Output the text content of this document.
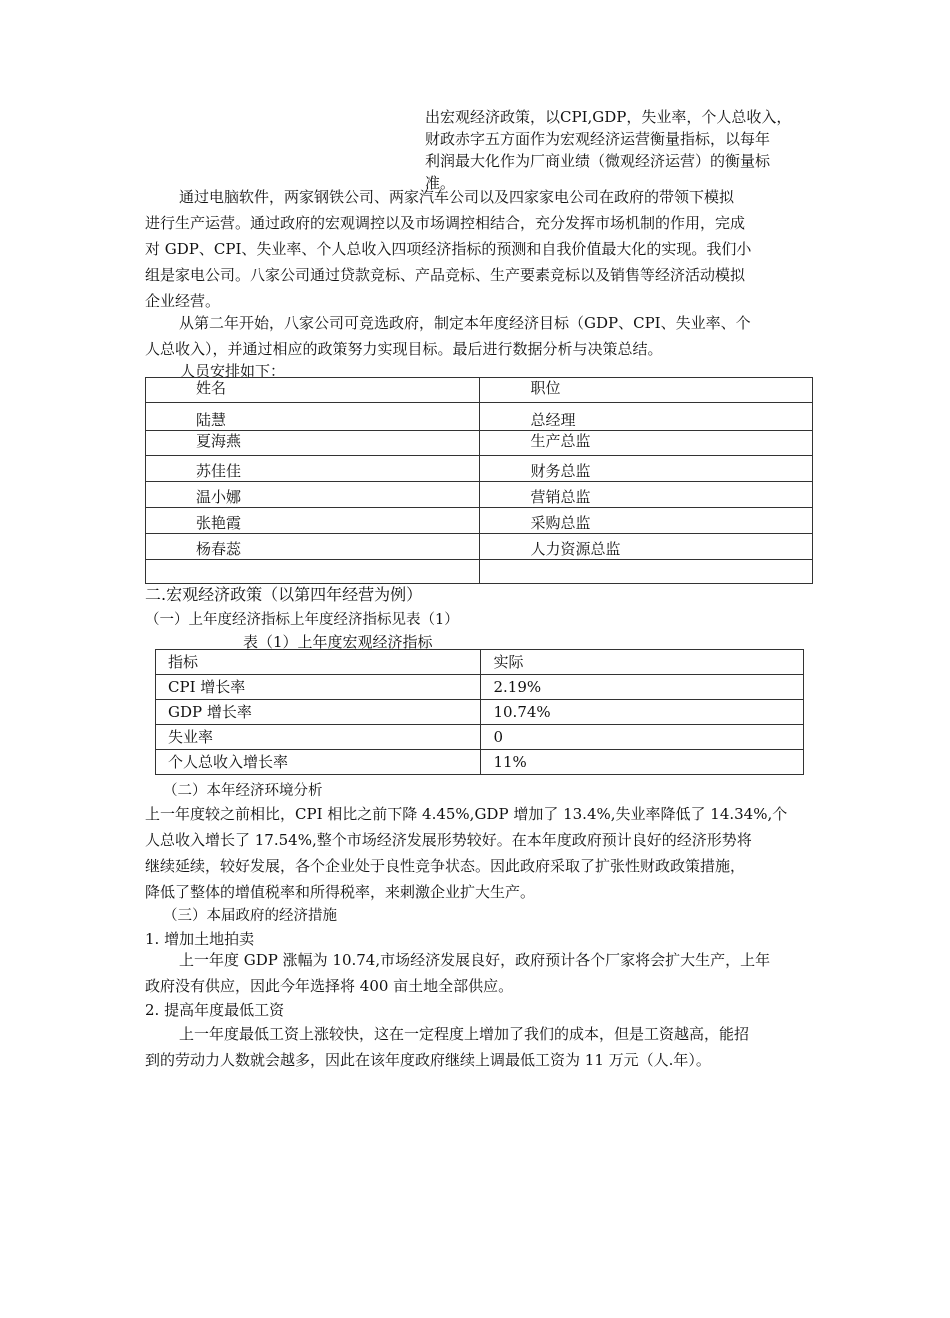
出宏观经济政策，以CPI,GDP，失业率，个人总收入，
财政赤字五方面作为宏观经济运营衡量指标，以每年
利润最大化作为厂商业绩（微观经济运营）的衡量标
准。
通过电脑软件，两家钢铁公司、两家汽车公司以及四家家电公司在政府的带领下模拟
进行生产运营。通过政府的宏观调控以及市场调控相结合，充分发挥市场机制的作用，完成
对 GDP、CPI、失业率、个人总收入四项经济指标的预测和自我价值最大化的实现。我们小
组是家电公司。八家公司通过贷款竞标、产品竞标、生产要素竞标以及销售等经济活动模拟
企业经营。
从第二年开始，八家公司可竞选政府，制定本年度经济目标（GDP、CPI、失业率、个
人总收入），并通过相应的政策努力实现目标。最后进行数据分析与决策总结。
人员安排如下：
姓名	职位
陆慧	总经理
夏海燕	生产总监
苏佳佳	财务总监
温小娜	营销总监
张艳霞	采购总监
杨春蕊	人力资源总监

二.宏观经济政策（以第四年经营为例）
（一）上年度经济指标上年度经济指标见表（1）
表（1）上年度宏观经济指标
指标	实际
CPI 增长率	2.19%
GDP 增长率	10.74%
失业率	0
个人总收入增长率	11%
（二）本年经济环境分析
上一年度较之前相比，CPI 相比之前下降 4.45%,GDP 增加了 13.4%,失业率降低了 14.34%,个
人总收入增长了 17.54%,整个市场经济发展形势较好。在本年度政府预计良好的经济形势将
继续延续，较好发展，各个企业处于良性竞争状态。因此政府采取了扩张性财政政策措施，
降低了整体的增值税率和所得税率，来刺激企业扩大生产。
（三）本届政府的经济措施
1. 增加土地拍卖
上一年度 GDP 涨幅为 10.74,市场经济发展良好，政府预计各个厂家将会扩大生产，上年
政府没有供应，因此今年选择将 400 亩土地全部供应。
2. 提高年度最低工资
上一年度最低工资上涨较快，这在一定程度上增加了我们的成本，但是工资越高，能招
到的劳动力人数就会越多，因此在该年度政府继续上调最低工资为 11 万元（人.年）。
